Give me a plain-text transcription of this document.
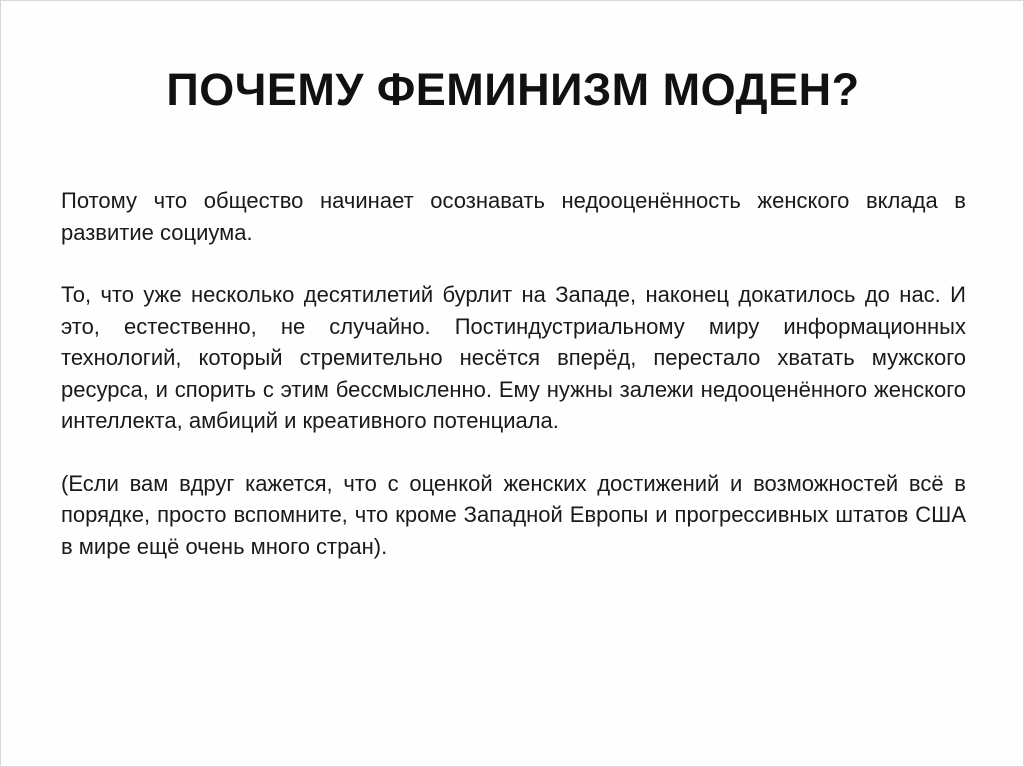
ПОЧЕМУ ФЕМИНИЗМ МОДЕН?

Потому что общество начинает осознавать недооценённость женского вклада в развитие социума.

То, что уже несколько десятилетий бурлит на Западе, наконец докатилось до нас. И это, естественно, не случайно. Постиндустриальному миру информационных технологий, который стремительно несётся вперёд, перестало хватать мужского ресурса, и спорить с этим бессмысленно. Ему нужны залежи недооценённого женского интеллекта, амбиций и креативного потенциала.

(Если вам вдруг кажется, что с оценкой женских достижений и возможностей всё в порядке, просто вспомните, что кроме Западной Европы и прогрессивных штатов США в мире ещё очень много стран).
